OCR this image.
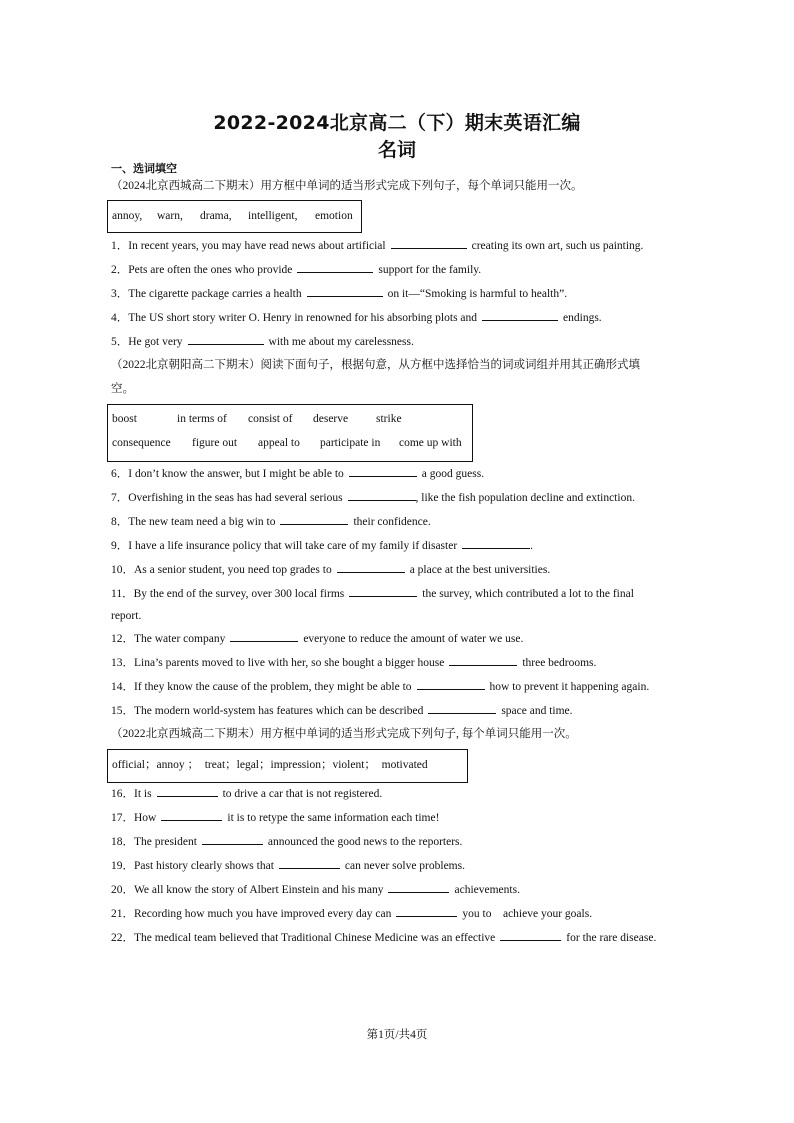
2022-2024北京高二（下）期末英语汇编
名词
一、选词填空
（2024北京西城高二下期末）用方框中单词的适当形式完成下列句子，每个单词只能用一次。
annoy, warn, drama, intelligent, emotion
1．In recent years, you may have read news about artificial	creating its own art, such us painting.
2．Pets are often the ones who provide	support for the family.
3．The cigarette package carries a health	on it—“Smoking is harmful to health”.
4．The US short story writer O. Henry in renowned for his absorbing plots and	endings.
5．He got very	with me about my carelessness.
（2022北京朝阳高二下期末）阅读下面句子，根据句意，从方框中选择恰当的词或词组并用其正确形式填
空。
boost	in terms of consist of deserve strike
consequence figure out appeal to participate in come up with
6．I don’t know the answer, but I might be able to	a good guess.
7．Overfishing in the seas has had several serious	, like the fish population decline and extinction.
8．The new team need a big win to	their confidence.
9．I have a life insurance policy that will take care of my family if disaster	.
10．As a senior student, you need top grades to	a place at the best universities.
11．By the end of the survey, over 300 local firms	the survey, which contributed a lot to the final
report.
12．The water company	everyone to reduce the amount of water we use.
13．Lina’s parents moved to live with her, so she bought a bigger house	three bedrooms.
14．If they know the cause of the problem, they might be able to	how to prevent it happening again.
15．The modern world-system has features which can be described	space and time.
（2022北京西城高二下期末）用方框中单词的适当形式完成下列句子, 每个单词只能用一次。
official；annoy ；  treat；legal；impression；violent；  motivated
16．It is	to drive a car that is not registered.
17．How	it is to retype the same information each time!
18．The president	announced the good news to the reporters.
19．Past history clearly shows that	can never solve problems.
20．We all know the story of Albert Einstein and his many	achievements.
21．Recording how much you have improved every day can	you to    achieve your goals.
22．The medical team believed that Traditional Chinese Medicine was an effective	for the rare disease.
第1页/共4页
